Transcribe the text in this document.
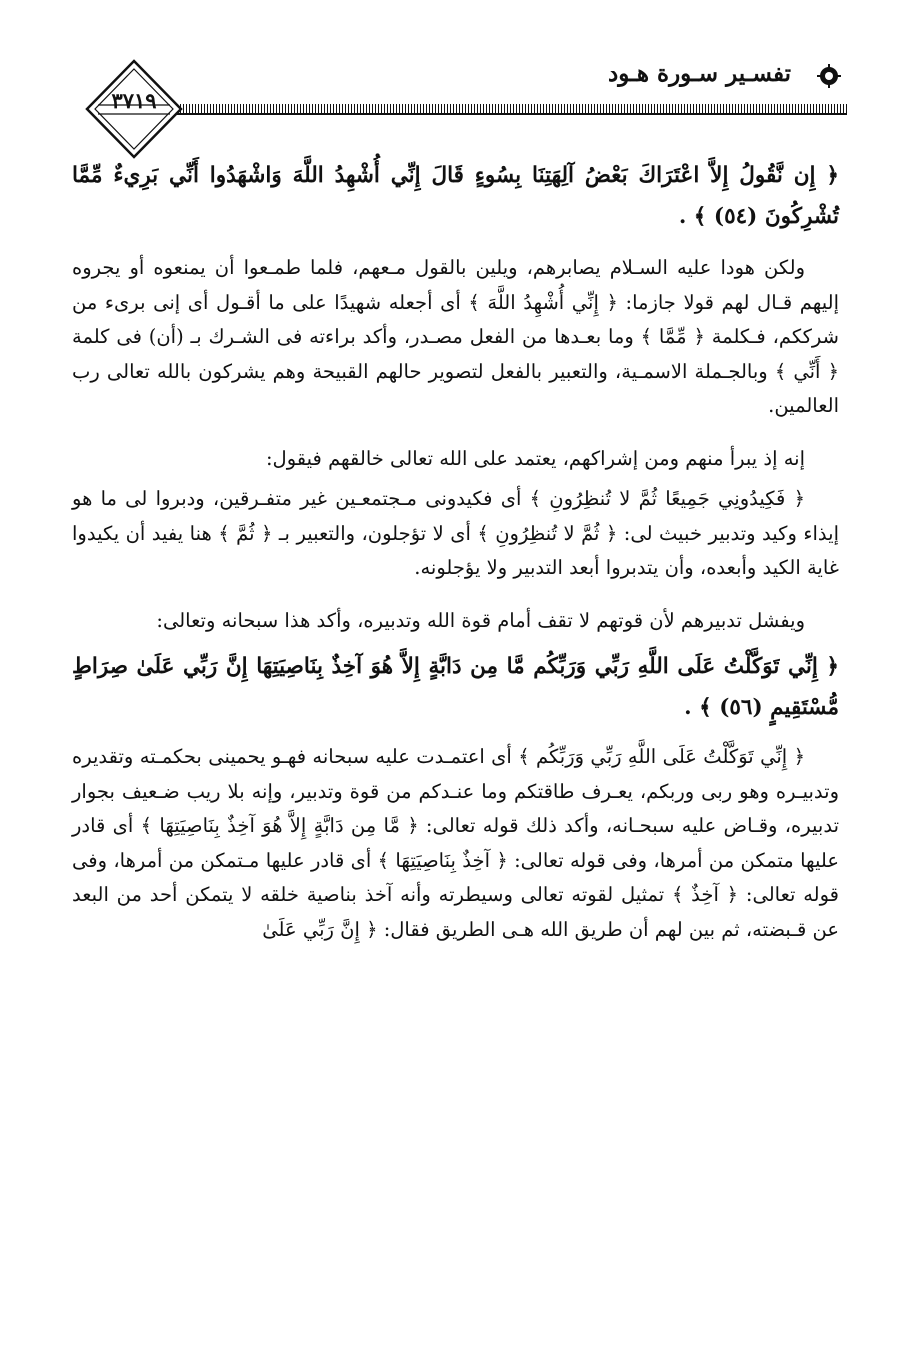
تفسـير سـورة هـود
٣٧١٩

﴿ إِن نَّقُولُ إِلاَّ اعْتَرَاكَ بَعْضُ آلِهَتِنَا بِسُوءٍ قَالَ إِنِّي أُشْهِدُ اللَّهَ وَاشْهَدُوا أَنِّي بَرِيءٌ مِّمَّا تُشْرِكُونَ (٥٤) ﴾ .

ولكن هودا عليه السـلام يصابرهم، ويلين بالقول مـعهم، فلما طمـعوا أن يمنعوه أو يجروه إليهم قـال لهم قولا جازما: ﴿ إِنِّي أُشْهِدُ اللَّهَ ﴾ أى أجعله شهيدًا على ما أقـول أى إنى برىء من شرككم، فـكلمة ﴿ مِّمَّا ﴾ وما بعـدها من الفعل مصـدر، وأكد براءته فى الشـرك بـ (أن) فى كلمة ﴿ أَنِّي ﴾ وبالجـملة الاسمـية، والتعبير بالفعل لتصوير حالهم القبيحة وهم يشركون بالله تعالى رب العالمين.

إنه إذ يبرأ منهم ومن إشراكهم، يعتمد على الله تعالى خالقهم فيقول:

﴿ فَكِيدُونِي جَمِيعًا ثُمَّ لا تُنظِرُونِ ﴾ أى فكيدونى مـجتمعـين غير متفـرقين، ودبروا لى ما هو إيذاء وكيد وتدبير خبيث لى: ﴿ ثُمَّ لا تُنظِرُونِ ﴾ أى لا تؤجلون، والتعبير بـ ﴿ ثُمَّ ﴾ هنا يفيد أن يكيدوا غاية الكيد وأبعده، وأن يتدبروا أبعد التدبير ولا يؤجلونه.

ويفشل تدبيرهم لأن قوتهم لا تقف أمام قوة الله وتدبيره، وأكد هذا سبحانه وتعالى:

﴿ إِنِّي تَوَكَّلْتُ عَلَى اللَّهِ رَبِّي وَرَبِّكُم مَّا مِن دَابَّةٍ إِلاَّ هُوَ آخِذٌ بِنَاصِيَتِهَا إِنَّ رَبِّي عَلَىٰ صِرَاطٍ مُّسْتَقِيمٍ (٥٦) ﴾ .

﴿ إِنِّي تَوَكَّلْتُ عَلَى اللَّهِ رَبِّي وَرَبِّكُم ﴾ أى اعتمـدت عليه سبحانه فهـو يحمينى بحكمـته وتقديره وتدبيـره وهو ربى وربكم، يعـرف طاقتكم وما عنـدكم من قوة وتدبير، وإنه بلا ريب ضـعيف بجوار تدبيره، وقـاض عليه سبحـانه، وأكد ذلك قوله تعالى: ﴿ مَّا مِن دَابَّةٍ إِلاَّ هُوَ آخِذٌ بِنَاصِيَتِهَا ﴾ أى قادر عليها متمكن من أمرها، وفى قوله تعالى: ﴿ آخِذٌ بِنَاصِيَتِهَا ﴾ أى قادر عليها مـتمكن من أمرها، وفى قوله تعالى: ﴿ آخِذٌ ﴾ تمثيل لقوته تعالى وسيطرته وأنه آخذ بناصية خلقه لا يتمكن أحد من البعد عن قـبضته، ثم بين لهم أن طريق الله هـى الطريق فقال: ﴿ إِنَّ رَبِّي عَلَىٰ
